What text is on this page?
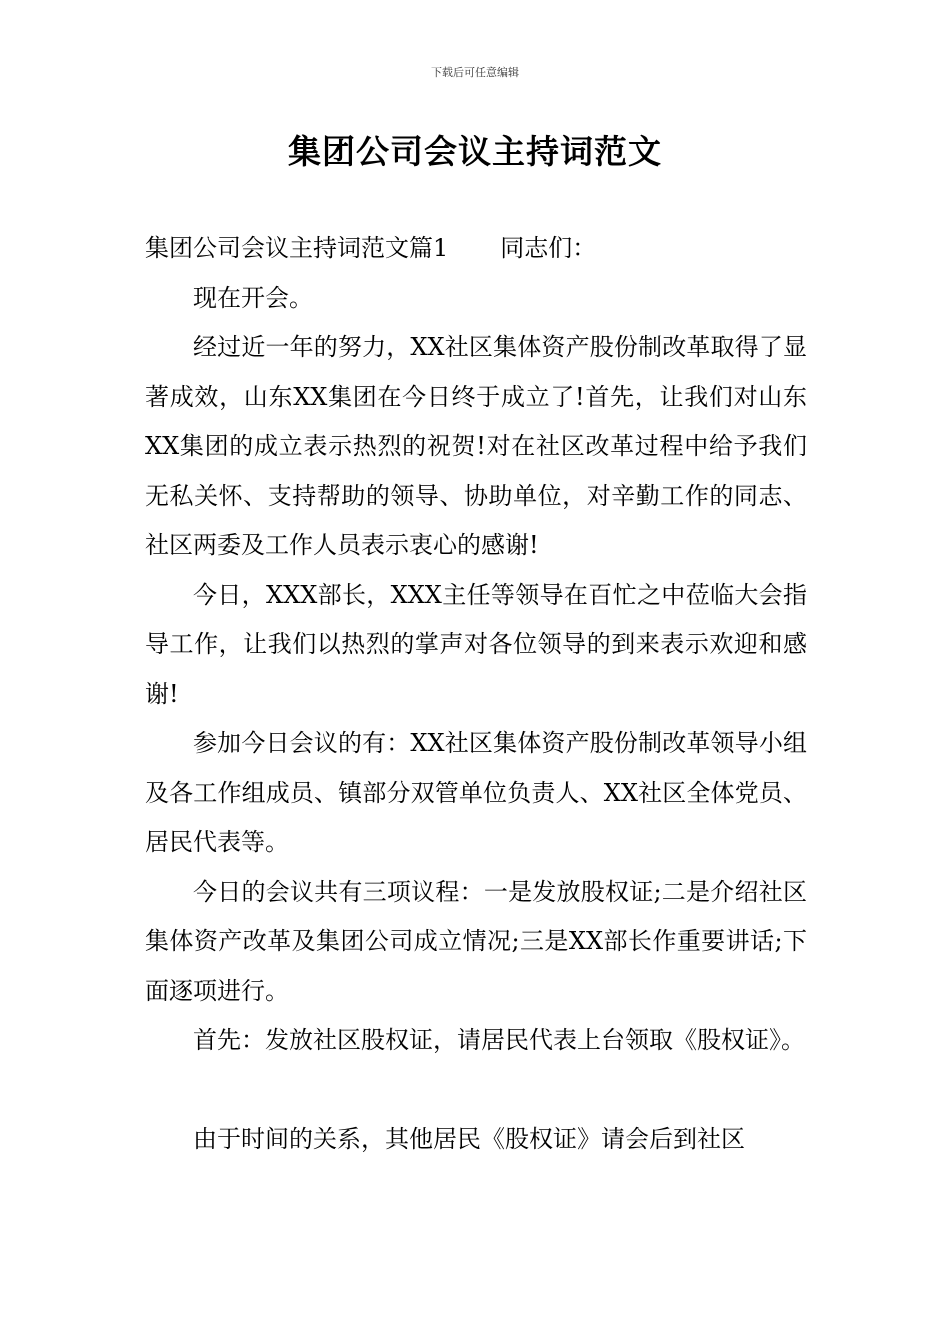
下载后可任意编辑
集团公司会议主持词范文

集团公司会议主持词范文篇1 同志们：

现在开会。

经过近一年的努力，XX社区集体资产股份制改革取得了显著成效，山东XX集团在今日终于成立了!首先，让我们对山东XX集团的成立表示热烈的祝贺!对在社区改革过程中给予我们无私关怀、支持帮助的领导、协助单位，对辛勤工作的同志、社区两委及工作人员表示衷心的感谢!

今日，XXX部长，XXX主任等领导在百忙之中莅临大会指导工作，让我们以热烈的掌声对各位领导的到来表示欢迎和感谢!

参加今日会议的有：XX社区集体资产股份制改革领导小组及各工作组成员、镇部分双管单位负责人、XX社区全体党员、居民代表等。

今日的会议共有三项议程：一是发放股权证;二是介绍社区集体资产改革及集团公司成立情况;三是XX部长作重要讲话;下面逐项进行。

首先：发放社区股权证，请居民代表上台领取《股权证》。

由于时间的关系，其他居民《股权证》请会后到社区
